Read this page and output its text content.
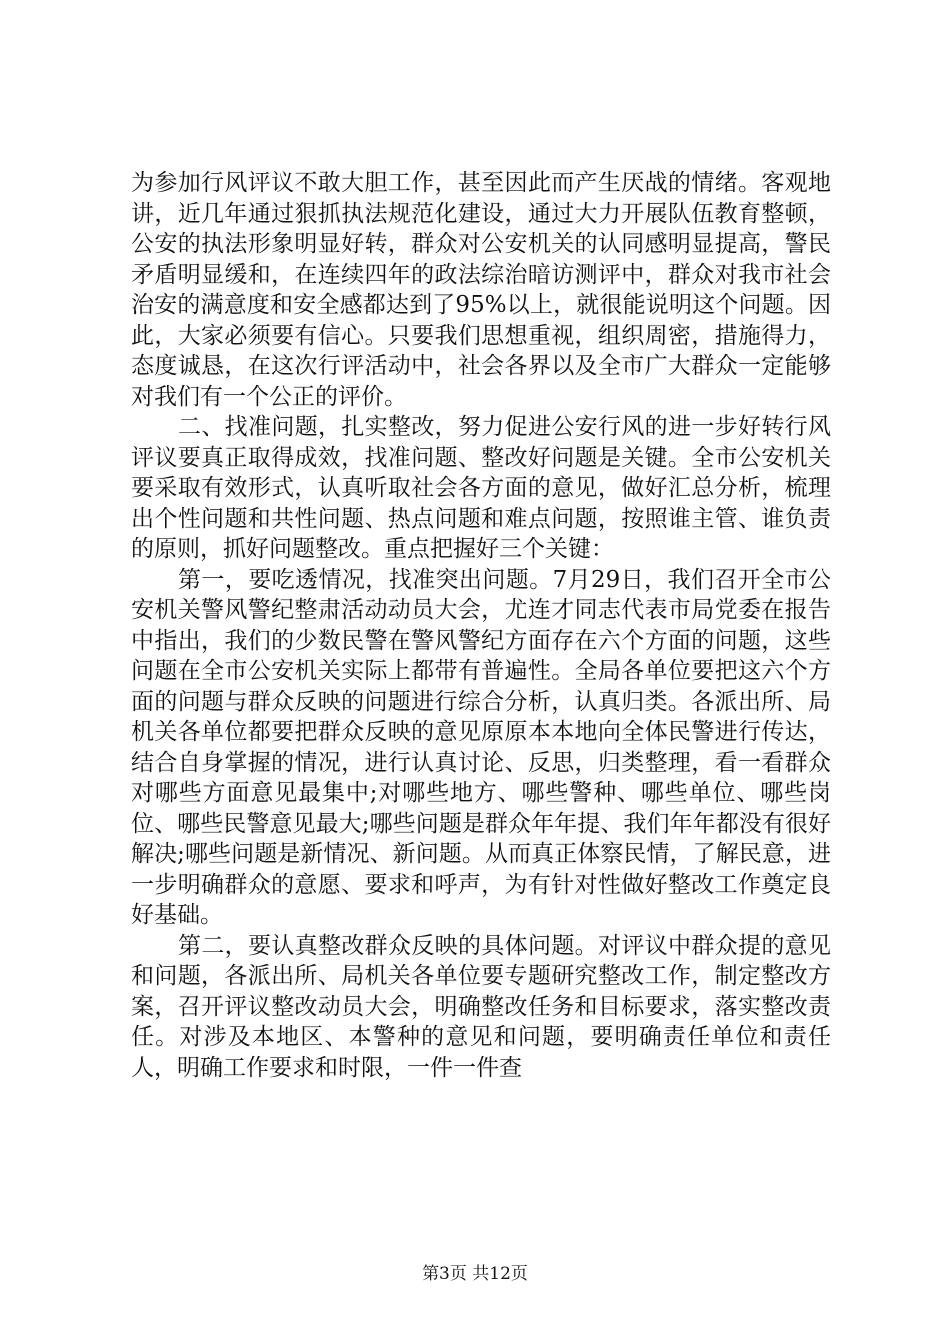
为参加行风评议不敢大胆工作，甚至因此而产生厌战的情绪。客观地讲，近几年通过狠抓执法规范化建设，通过大力开展队伍教育整顿，公安的执法形象明显好转，群众对公安机关的认同感明显提高，警民矛盾明显缓和，在连续四年的政法综治暗访测评中，群众对我市社会治安的满意度和安全感都达到了95%以上，就很能说明这个问题。因此，大家必须要有信心。只要我们思想重视，组织周密，措施得力，态度诚恳，在这次行评活动中，社会各界以及全市广大群众一定能够对我们有一个公正的评价。

二、找准问题，扎实整改，努力促进公安行风的进一步好转行风评议要真正取得成效，找准问题、整改好问题是关键。全市公安机关要采取有效形式，认真听取社会各方面的意见，做好汇总分析，梳理出个性问题和共性问题、热点问题和难点问题，按照谁主管、谁负责的原则，抓好问题整改。重点把握好三个关键：

第一，要吃透情况，找准突出问题。7月29日，我们召开全市公安机关警风警纪整肃活动动员大会，尤连才同志代表市局党委在报告中指出，我们的少数民警在警风警纪方面存在六个方面的问题，这些问题在全市公安机关实际上都带有普遍性。全局各单位要把这六个方面的问题与群众反映的问题进行综合分析，认真归类。各派出所、局机关各单位都要把群众反映的意见原原本本地向全体民警进行传达，结合自身掌握的情况，进行认真讨论、反思，归类整理，看一看群众对哪些方面意见最集中;对哪些地方、哪些警种、哪些单位、哪些岗位、哪些民警意见最大;哪些问题是群众年年提、我们年年都没有很好解决;哪些问题是新情况、新问题。从而真正体察民情，了解民意，进一步明确群众的意愿、要求和呼声，为有针对性做好整改工作奠定良好基础。

第二，要认真整改群众反映的具体问题。对评议中群众提的意见和问题，各派出所、局机关各单位要专题研究整改工作，制定整改方案，召开评议整改动员大会，明确整改任务和目标要求，落实整改责任。对涉及本地区、本警种的意见和问题，要明确责任单位和责任人，明确工作要求和时限，一件一件查

第3页 共12页
